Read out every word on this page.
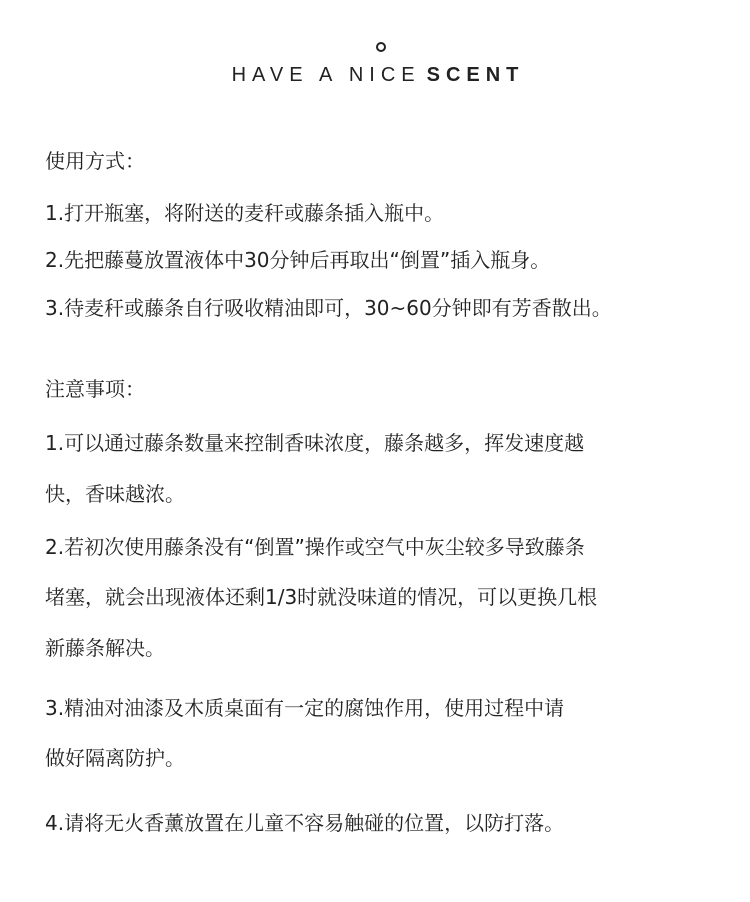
HAVE A NICE SCENT
使用方式：
1.打开瓶塞，将附送的麦秆或藤条插入瓶中。
2.先把藤蔓放置液体中30分钟后再取出“倒置”插入瓶身。
3.待麦秆或藤条自行吸收精油即可，30~60分钟即有芳香散出。
注意事项：
1.可以通过藤条数量来控制香味浓度，藤条越多，挥发速度越
快，香味越浓。
2.若初次使用藤条没有“倒置”操作或空气中灰尘较多导致藤条
堵塞，就会出现液体还剩1/3时就没味道的情况，可以更换几根
新藤条解决。
3.精油对油漆及木质桌面有一定的腐蚀作用，使用过程中请
做好隔离防护。
4.请将无火香薰放置在儿童不容易触碰的位置，以防打落。
